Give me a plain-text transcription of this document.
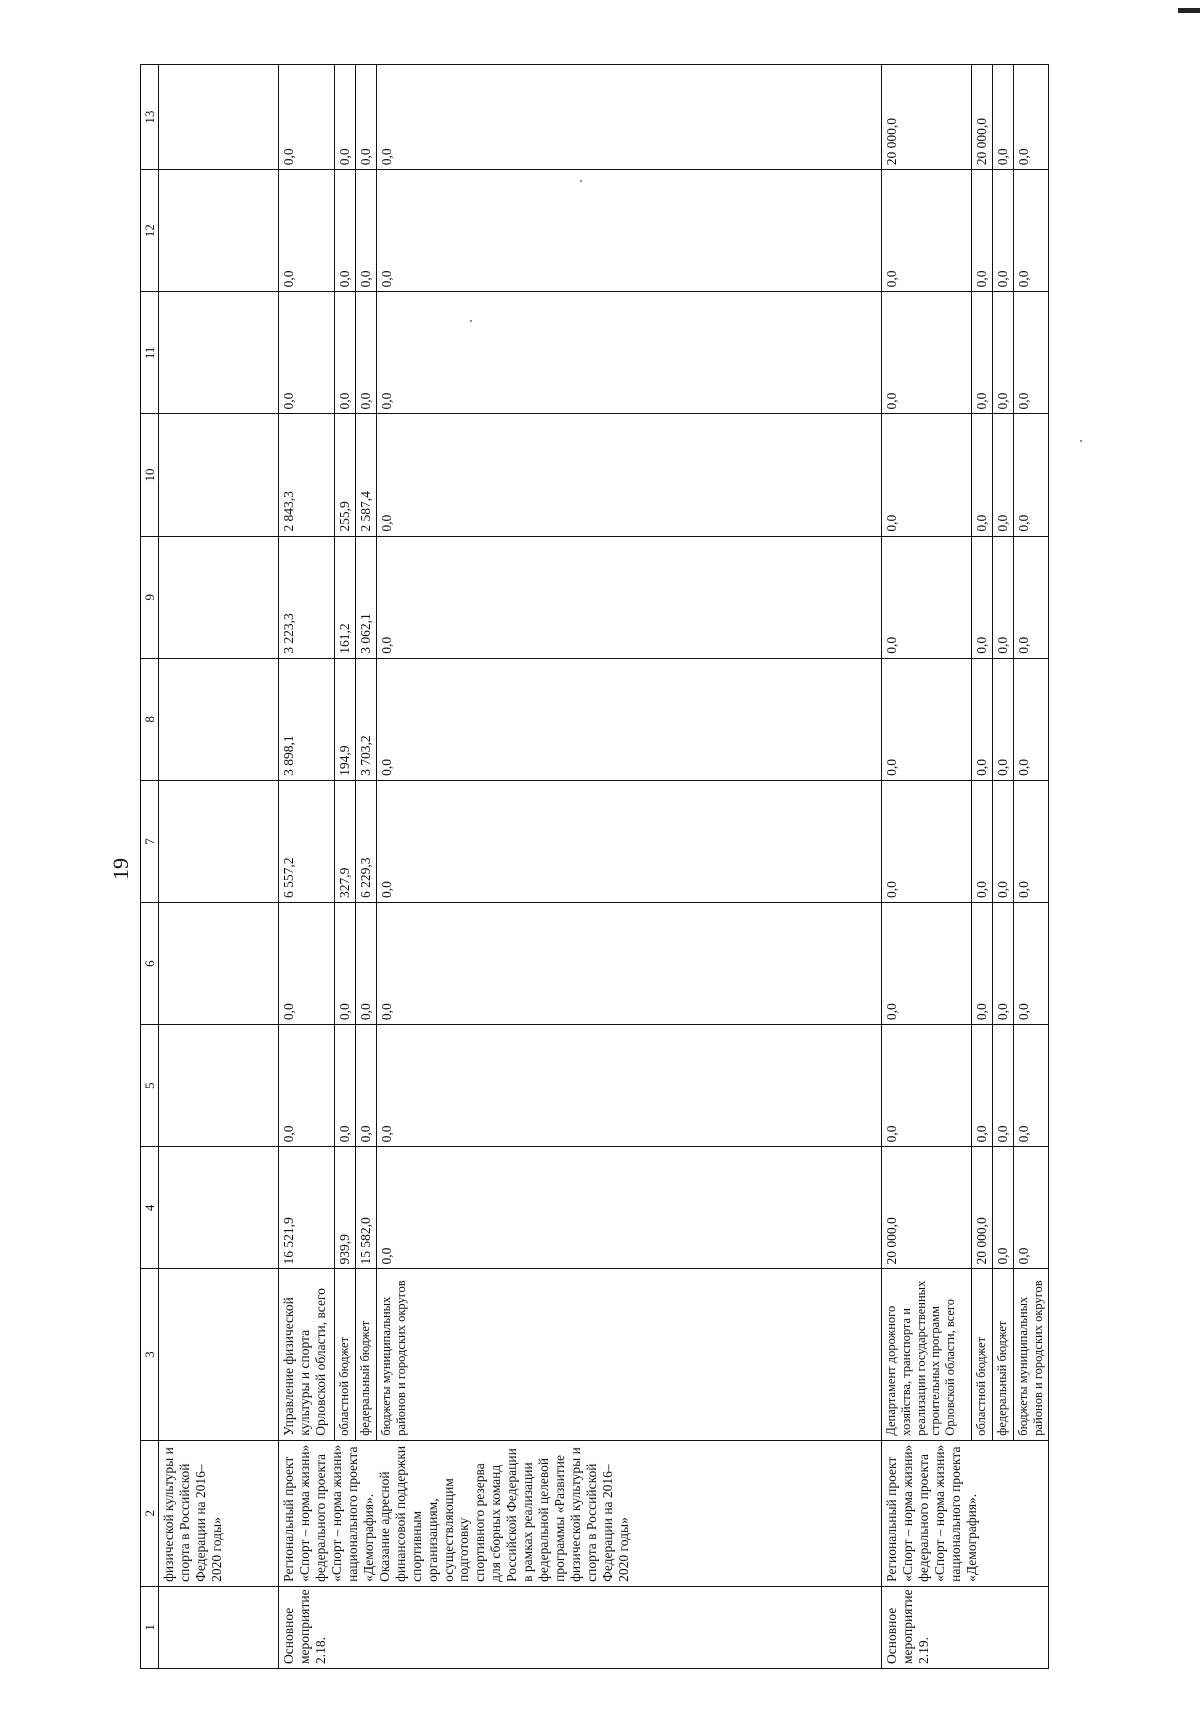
19
1	2	3	4	5	6	7	8	9	10	11	12	13
	физической культуры и спорта в Российской Федерации на 2016–2020 годы»											
Основное мероприятие 2.18.	Региональный проект «Спорт – норма жизни» федерального проекта «Спорт – норма жизни» национального проекта «Демография». Оказание адресной финансовой поддержки спортивным организациям, осуществляющим подготовку спортивного резерва для сборных команд Российской Федерации в рамках реализации федеральной целевой программы «Развитие физической культуры и спорта в Российской Федерации на 2016–2020 годы»	Управление физической культуры и спорта Орловской области, всего	16 521,9	0,0	0,0	6 557,2	3 898,1	3 223,3	2 843,3	0,0	0,0	0,0
		областной бюджет	939,9	0,0	0,0	327,9	194,9	161,2	255,9	0,0	0,0	0,0
		федеральный бюджет	15 582,0	0,0	0,0	6 229,3	3 703,2	3 062,1	2 587,4	0,0	0,0	0,0
		бюджеты муниципальных районов и городских округов	0,0	0,0	0,0	0,0	0,0	0,0	0,0	0,0	0,0	0,0
Основное мероприятие 2.19.	Региональный проект «Спорт – норма жизни» федерального проекта «Спорт – норма жизни» национального проекта «Демография».	Департамент дорожного хозяйства, транспорта и реализации государственных строительных программ Орловской области, всего	20 000,0	0,0	0,0	0,0	0,0	0,0	0,0	0,0	0,0	20 000,0
		областной бюджет	20 000,0	0,0	0,0	0,0	0,0	0,0	0,0	0,0	0,0	20 000,0
		федеральный бюджет	0,0	0,0	0,0	0,0	0,0	0,0	0,0	0,0	0,0	0,0
		бюджеты муниципальных районов и городских округов	0,0	0,0	0,0	0,0	0,0	0,0	0,0	0,0	0,0	0,0
